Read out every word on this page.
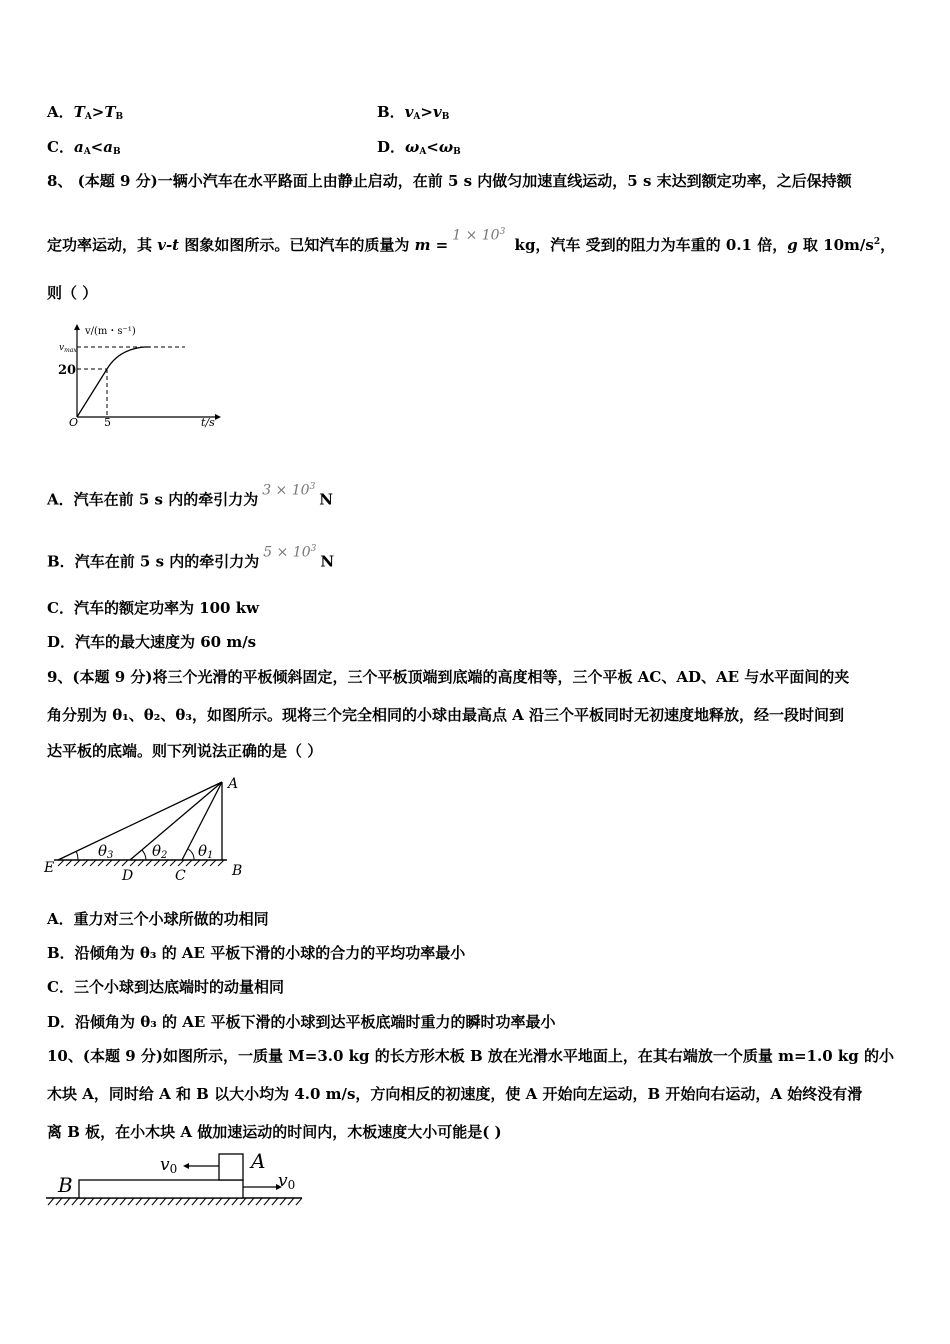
A．$T_A>T_B$	B．$v_A>v_B$
C．$a_A<a_B$	D．$\omega_A<\omega_B$
8、 (本题 9 分)一辆小汽车在水平路面上由静止启动，在前 5 s 内做匀加速直线运动，5 s 末达到额定功率，之后保持额
定功率运动，其 v-t 图象如图所示。已知汽车的质量为 $m = 1 \times 10^3$ kg，汽车 受到的阻力为车重的 0.1 倍，g 取 $10m/s^2$，
则（ ）
v/(m・s⁻¹)
$v_{max}$
20
O 5	t/s
A．汽车在前 5 s 内的牵引力为 $3 \times 10^3N$
B．汽车在前 5 s 内的牵引力为 $5 \times 10^3N$
C．汽车的额定功率为 100 kw
D．汽车的最大速度为 60 m/s
9、(本题 9 分)将三个光滑的平板倾斜固定，三个平板顶端到底端的高度相等，三个平板 AC、AD、AE 与水平面间的夹
角分别为 θ₁、θ₂、θ₃，如图所示。现将三个完全相同的小球由最高点 A 沿三个平板同时无初速度地释放，经一段时间到
达平板的底端。则下列说法正确的是（ ）
A
B
C
D
E
θ1
θ2
θ3
A．重力对三个小球所做的功相同
B．沿倾角为 θ₃ 的 AE 平板下滑的小球的合力的平均功率最小
C．三个小球到达底端时的动量相同
D．沿倾角为 θ₃ 的 AE 平板下滑的小球到达平板底端时重力的瞬时功率最小
10、(本题 9 分)如图所示，一质量 M=3.0 kg 的长方形木板 B 放在光滑水平地面上，在其右端放一个质量 m=1.0 kg 的小
木块 A，同时给 A 和 B 以大小均为 4.0 m/s，方向相反的初速度，使 A 开始向左运动，B 开始向右运动，A 始终没有滑
离 B 板，在小木块 A 做加速运动的时间内，木板速度大小可能是( )
B
A
v0
v0
